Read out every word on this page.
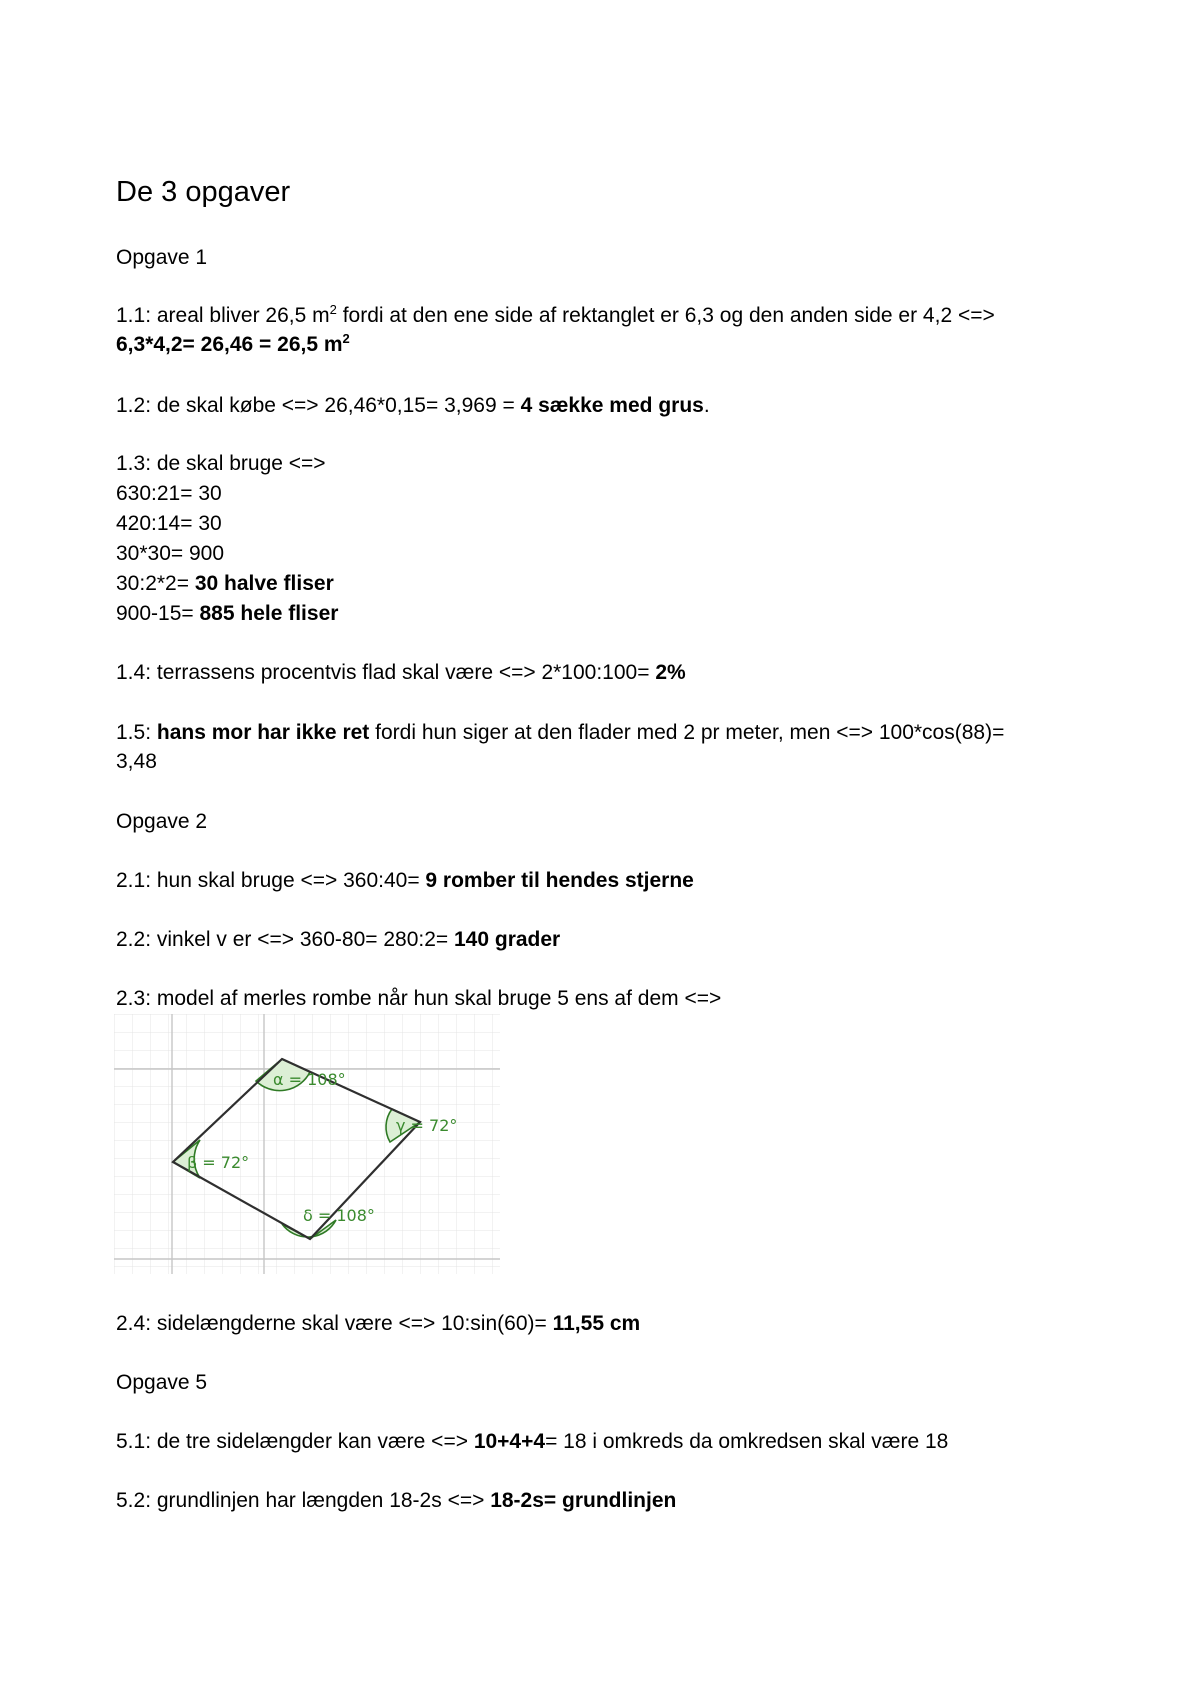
De 3 opgaver
Opgave 1
1.1: areal bliver 26,5 $m^2$ fordi at den ene side af rektanglet er 6,3 og den anden side er 4,2 <=>
6,3*4,2= 26,46 = 26,5 $m^2$
1.2: de skal købe <=> 26,46*0,15= 3,969 = 4 sække med grus.
1.3: de skal bruge <=>
630:21= 30
420:14= 30
30*30= 900
30:2*2= 30 halve fliser
900-15= 885 hele fliser
1.4: terrassens procentvis flad skal være <=> 2*100:100= 2%
1.5: hans mor har ikke ret fordi hun siger at den flader med 2 pr meter, men <=> 100*cos(88)=
3,48
Opgave 2
2.1: hun skal bruge <=> 360:40= 9 romber til hendes stjerne
2.2: vinkel v er <=> 360-80= 280:2= 140 grader
2.3: model af merles rombe når hun skal bruge 5 ens af dem <=>
α = 108°
γ = 72°
β = 72°
δ = 108°
2.4: sidelængderne skal være <=> 10:sin(60)= 11,55 cm
Opgave 5
5.1: de tre sidelængder kan være <=> 10+4+4= 18 i omkreds da omkredsen skal være 18
5.2: grundlinjen har længden 18-2s <=> 18-2s= grundlinjen
